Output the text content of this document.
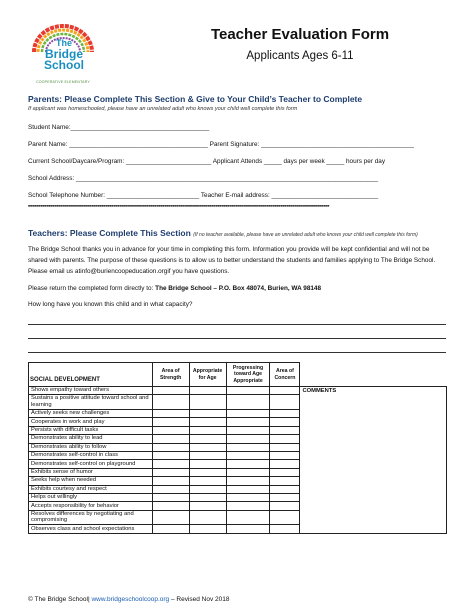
The
Bridge
School
COOPERATIVE ELEMENTARY
Teacher Evaluation Form
Applicants Ages 6-11
Parents: Please Complete This Section & Give to Your Child’s Teacher to Complete
If applicant was homeschooled, please have an unrelated adult who knows your child well complete this form
Student Name:_______________________________________
Parent Name: _______________________________________ Parent Signature: ___________________________________________
Current School/Daycare/Program: ________________________ Applicant Attends _____ days per week _____ hours per day
School Address: _____________________________________________________________________________________
School Telephone Number: __________________________ Teacher E-mail address: ______________________________
****************************************************************************************************************************************************
Teachers: Please Complete This Section (If no teacher available, please have an unrelated adult who knows your child well complete this form)
The Bridge School thanks you in advance for your time in completing this form. Information you provide will be kept confidential and will not be shared with parents. The purpose of these questions is to allow us to better understand the students and families applying to The Bridge School. Please email us atinfo@buriencoopeducation.orgif you have questions.
Please return the completed form directly to: The Bridge School – P.O. Box 48074, Burien, WA 98148
How long have you known this child and in what capacity?
SOCIAL DEVELOPMENT	Area of Strength	Appropriate for Age	Progressing toward Age Appropriate	Area of Concern	
Shows empathy toward others					COMMENTS
Sustains a positive attitude toward school and learning					
Actively seeks new challenges					
Cooperates in work and play					
Persists with difficult tasks					
Demonstrates ability to lead					
Demonstrates ability to follow					
Demonstrates self-control in class					
Demonstrates self-control on playground					
Exhibits sense of humor					
Seeks help when needed					
Exhibits courtesy and respect					
Helps out willingly					
Accepts responsibility for behavior					
Resolves differences by negotiating and compromising					
Observes class and school expectations					
© The Bridge School| www.bridgeschoolcoop.org – Revised Nov 2018
